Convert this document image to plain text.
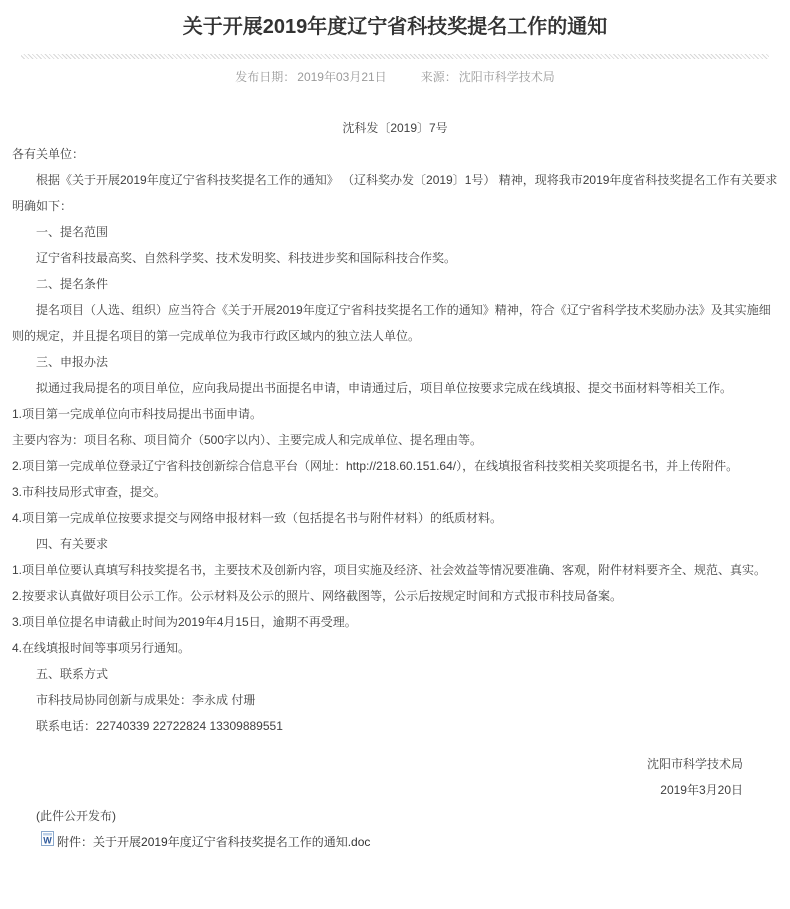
关于开展2019年度辽宁省科技奖提名工作的通知
发布日期： 2019年03月21日	来源： 沈阳市科学技术局
沈科发〔2019〕7号

各有关单位：

根据《关于开展2019年度辽宁省科技奖提名工作的通知》 （辽科奖办发〔2019〕1号） 精神，现将我市2019年度省科技奖提名工作有关要求明确如下：

一、提名范围

辽宁省科技最高奖、自然科学奖、技术发明奖、科技进步奖和国际科技合作奖。

二、提名条件

提名项目（人选、组织）应当符合《关于开展2019年度辽宁省科技奖提名工作的通知》精神，符合《辽宁省科学技术奖励办法》及其实施细则的规定，并且提名项目的第一完成单位为我市行政区域内的独立法人单位。

三、申报办法

拟通过我局提名的项目单位，应向我局提出书面提名申请，申请通过后，项目单位按要求完成在线填报、提交书面材料等相关工作。

1.项目第一完成单位向市科技局提出书面申请。

主要内容为：项目名称、项目简介（500字以内）、主要完成人和完成单位、提名理由等。

2.项目第一完成单位登录辽宁省科技创新综合信息平台（网址：http://218.60.151.64/），在线填报省科技奖相关奖项提名书，并上传附件。

3.市科技局形式审查，提交。

4.项目第一完成单位按要求提交与网络申报材料一致（包括提名书与附件材料）的纸质材料。

四、有关要求

1.项目单位要认真填写科技奖提名书，主要技术及创新内容，项目实施及经济、社会效益等情况要准确、客观，附件材料要齐全、规范、真实。

2.按要求认真做好项目公示工作。公示材料及公示的照片、网络截图等，公示后按规定时间和方式报市科技局备案。

3.项目单位提名申请截止时间为2019年4月15日，逾期不再受理。

4.在线填报时间等事项另行通知。

五、联系方式

市科技局协同创新与成果处：李永成 付珊

联系电话：22740339 22722824 13309889551

沈阳市科学技术局

2019年3月20日

(此件公开发布)

W 附件： 关于开展2019年度辽宁省科技奖提名工作的通知.doc
